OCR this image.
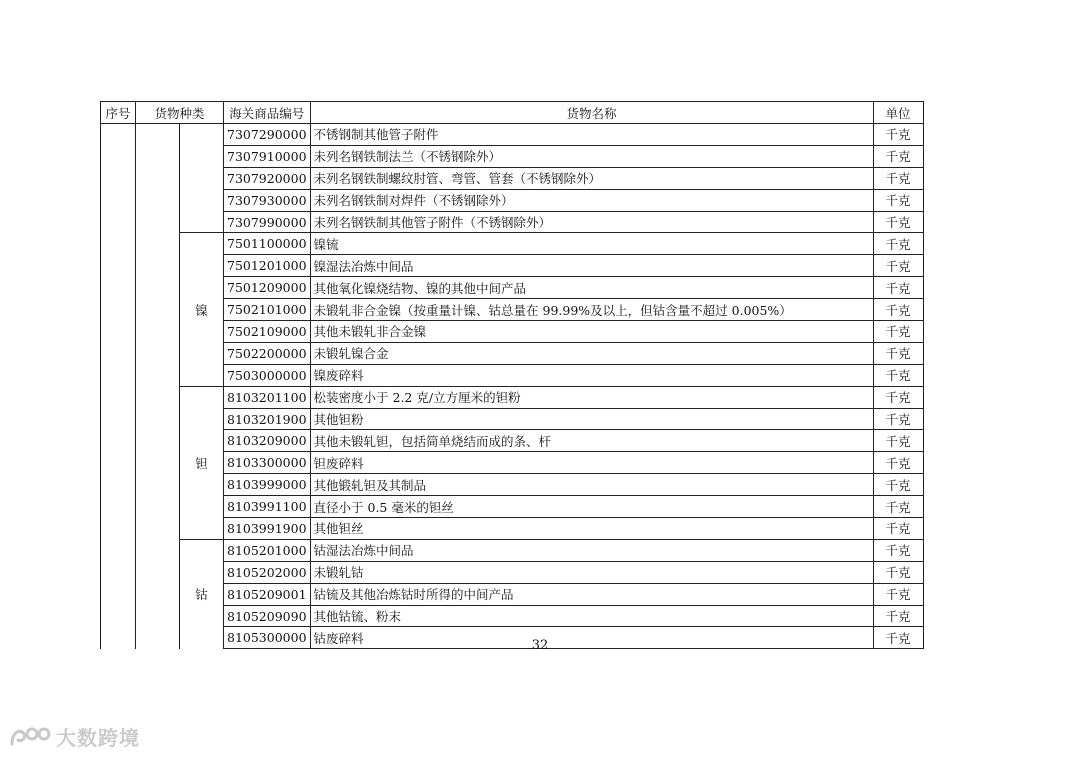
序号	货物种类		海关商品编号	货物名称	单位
			7307290000	不锈钢制其他管子附件	千克
			7307910000	未列名钢铁制法兰（不锈钢除外）	千克
			7307920000	未列名钢铁制螺纹肘管、弯管、管套（不锈钢除外）	千克
			7307930000	未列名钢铁制对焊件（不锈钢除外）	千克
			7307990000	未列名钢铁制其他管子附件（不锈钢除外）	千克
		镍	7501100000	镍锍	千克
			7501201000	镍湿法冶炼中间品	千克
			7501209000	其他氧化镍烧结物、镍的其他中间产品	千克
			7502101000	未锻轧非合金镍（按重量计镍、钴总量在 99.99%及以上，但钴含量不超过 0.005%）	千克
			7502109000	其他未锻轧非合金镍	千克
			7502200000	未锻轧镍合金	千克
			7503000000	镍废碎料	千克
		钽	8103201100	松装密度小于 2.2 克/立方厘米的钽粉	千克
			8103201900	其他钽粉	千克
			8103209000	其他未锻轧钽，包括简单烧结而成的条、杆	千克
			8103300000	钽废碎料	千克
			8103999000	其他锻轧钽及其制品	千克
			8103991100	直径小于 0.5 毫米的钽丝	千克
			8103991900	其他钽丝	千克
		钴	8105201000	钴湿法冶炼中间品	千克
			8105202000	未锻轧钴	千克
			8105209001	钴锍及其他冶炼钴时所得的中间产品	千克
			8105209090	其他钴锍、粉末	千克
			8105300000	钴废碎料	千克
32
大数跨境
